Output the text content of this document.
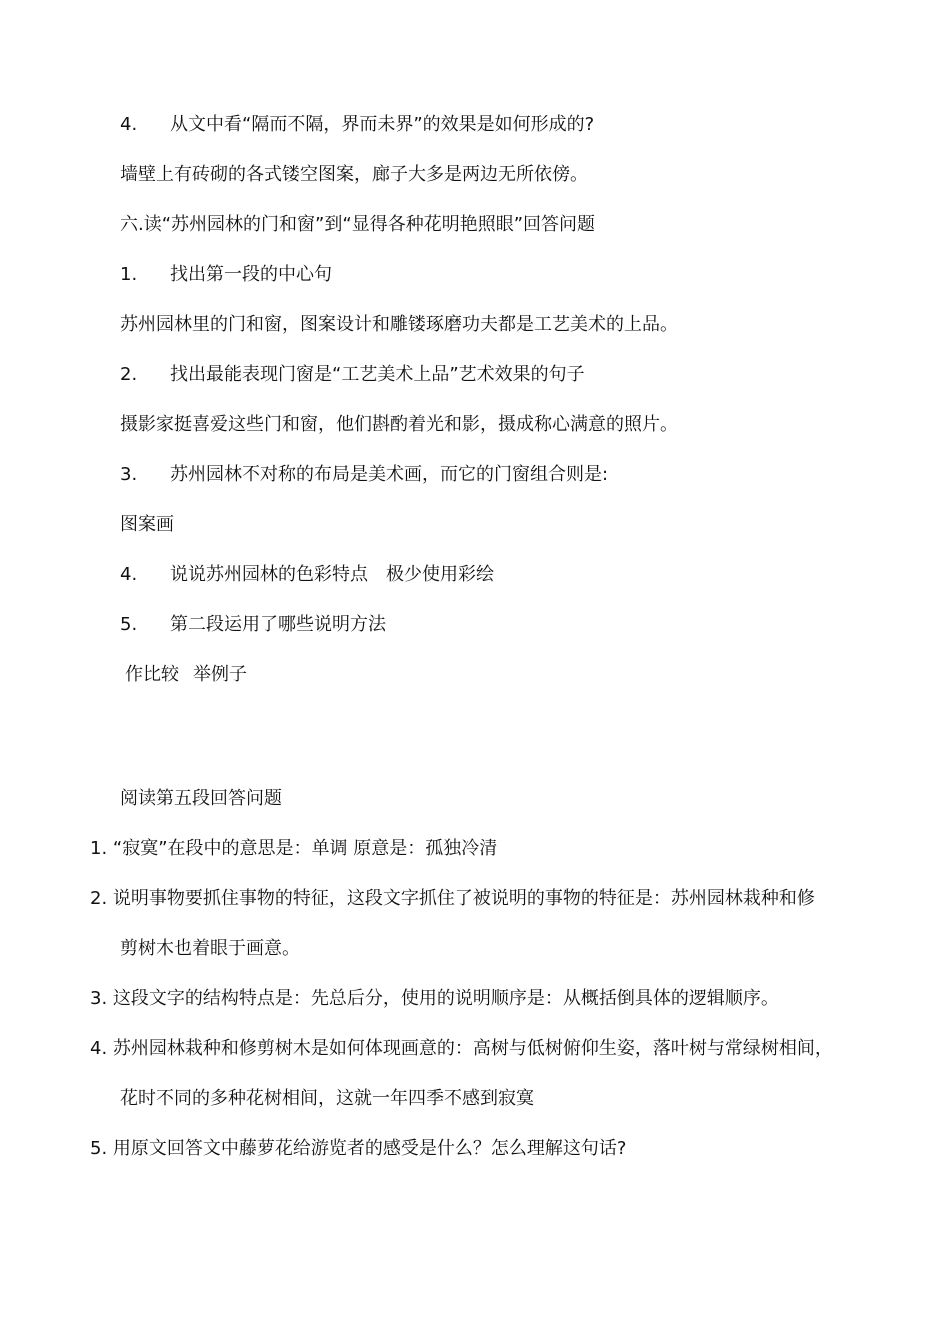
4. 从文中看“隔而不隔，界而未界”的效果是如何形成的?
墙壁上有砖砌的各式镂空图案，廊子大多是两边无所依傍。
六.读“苏州园林的门和窗”到“显得各种花明艳照眼”回答问题
1. 找出第一段的中心句
苏州园林里的门和窗，图案设计和雕镂琢磨功夫都是工艺美术的上品。
2. 找出最能表现门窗是“工艺美术上品”艺术效果的句子
摄影家挺喜爱这些门和窗，他们斟酌着光和影，摄成称心满意的照片。
3. 苏州园林不对称的布局是美术画，而它的门窗组合则是:
图案画
4. 说说苏州园林的色彩特点 极少使用彩绘
5. 第二段运用了哪些说明方法
作比较 举例子
阅读第五段回答问题
1. “寂寞”在段中的意思是：单调 原意是：孤独冷清
2. 说明事物要抓住事物的特征，这段文字抓住了被说明的事物的特征是：苏州园林栽种和修
剪树木也着眼于画意。
3. 这段文字的结构特点是：先总后分，使用的说明顺序是：从概括倒具体的逻辑顺序。
4. 苏州园林栽种和修剪树木是如何体现画意的：高树与低树俯仰生姿，落叶树与常绿树相间，
花时不同的多种花树相间，这就一年四季不感到寂寞
5. 用原文回答文中藤萝花给游览者的感受是什么？怎么理解这句话?
